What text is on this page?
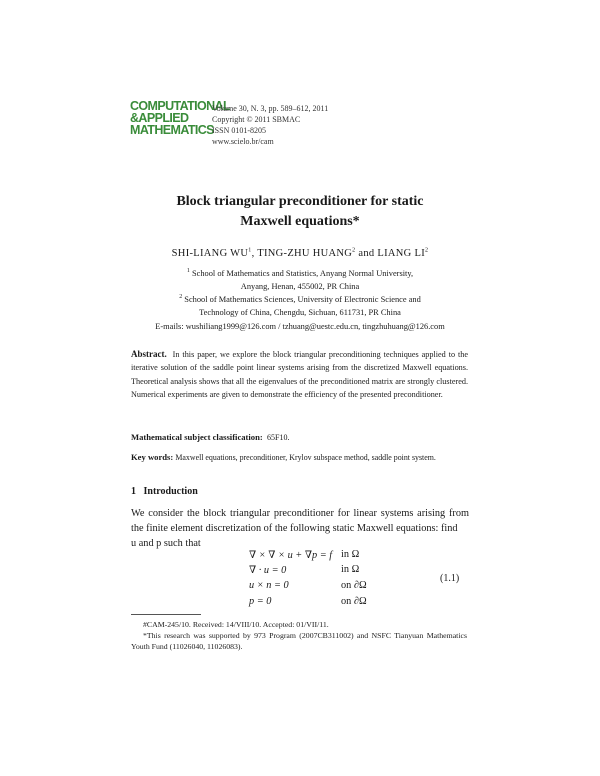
COMPUTATIONAL
&APPLIED
MATHEMATICS
Volume 30, N. 3, pp. 589–612, 2011
Copyright © 2011 SBMAC
ISSN 0101-8205
www.scielo.br/cam
Block triangular preconditioner for static
Maxwell equations*
SHI-LIANG $WU^1$, TING-ZHU HUANG$^2$ and LIANG $LI^2$
$^1$ School of Mathematics and Statistics, Anyang Normal University,
Anyang, Henan, 455002, PR China
$^2$ School of Mathematics Sciences, University of Electronic Science and
Technology of China, Chengdu, Sichuan, 611731, PR China
E-mails: wushiliang1999@126.com / tzhuang@uestc.edu.cn, tingzhuhuang@126.com
Abstract. In this paper, we explore the block triangular preconditioning techniques applied to the iterative solution of the saddle point linear systems arising from the discretized Maxwell equations. Theoretical analysis shows that all the eigenvalues of the preconditioned matrix are strongly clustered. Numerical experiments are given to demonstrate the efficiency of the presented preconditioner.
Mathematical subject classification: 65F10.
Key words: Maxwell equations, preconditioner, Krylov subspace method, saddle point system.
1 Introduction
We consider the block triangular preconditioner for linear systems arising from the finite element discretization of the following static Maxwell equations: find
u and p such that
∇ × ∇ × u + ∇p = f in Ω
∇ · u = 0	in Ω
u × n = 0	on ∂Ω
p = 0	on ∂Ω
(1.1)
#CAM-245/10. Received: 14/VIII/10. Accepted: 01/VII/11.
*This research was supported by 973 Program (2007CB311002) and NSFC Tianyuan Mathematics Youth Fund (11026040, 11026083).
